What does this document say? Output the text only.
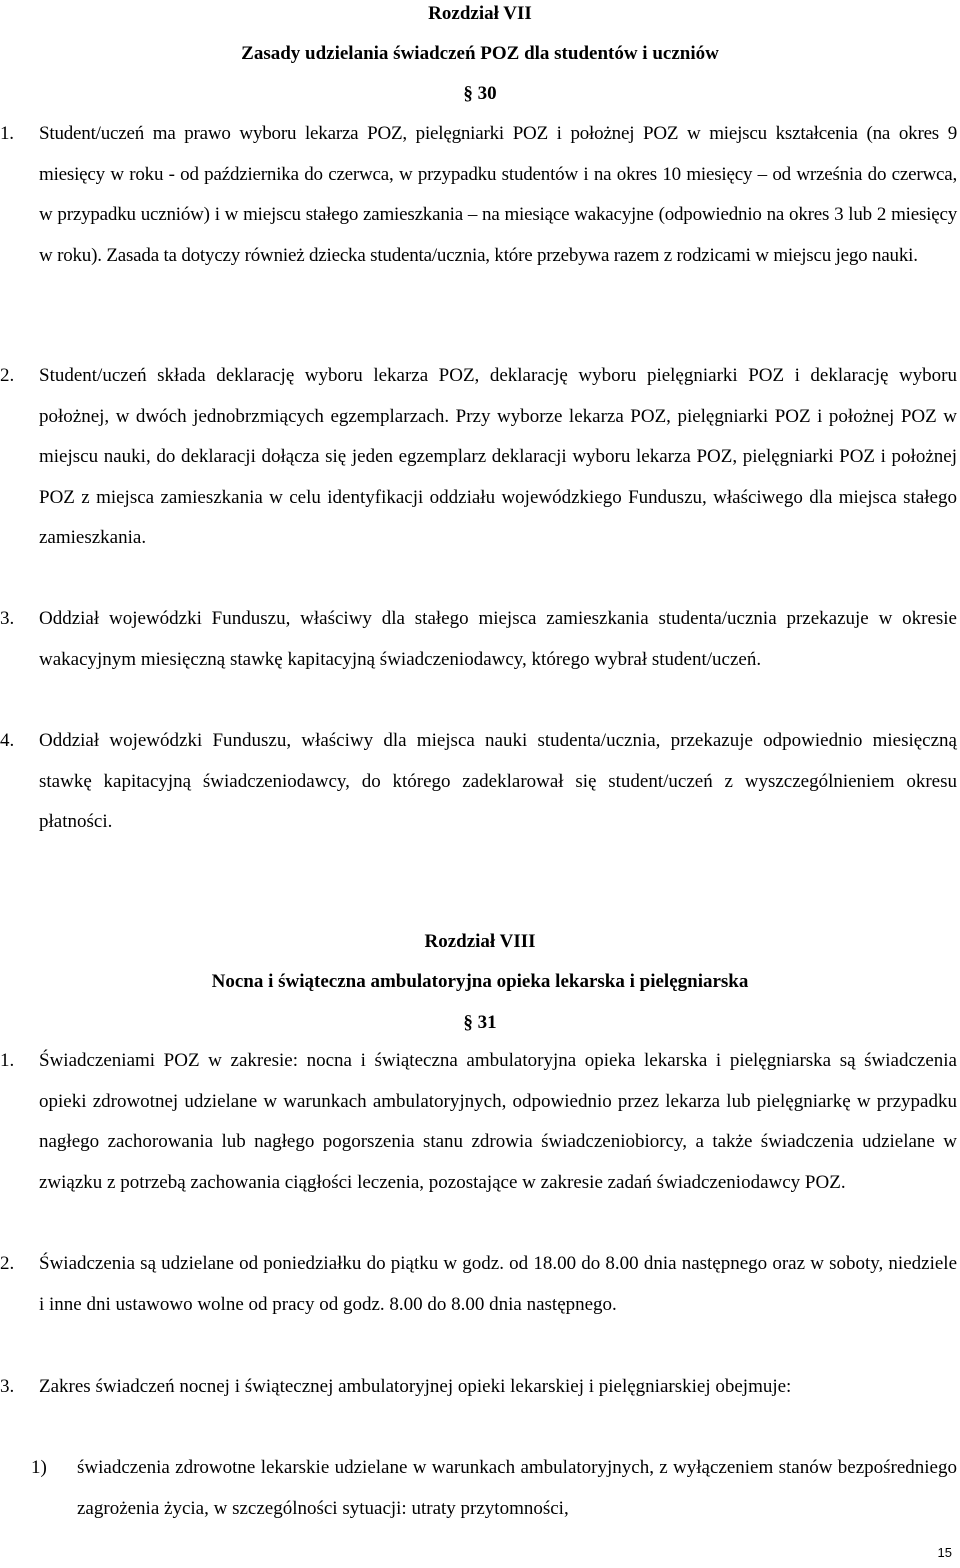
Rozdział VII
Zasady udzielania świadczeń POZ dla studentów i uczniów
§ 30
1. Student/uczeń ma prawo wyboru lekarza POZ, pielęgniarki POZ i położnej POZ w miejscu kształcenia (na okres 9 miesięcy w roku - od października do czerwca, w przypadku studentów i na okres 10 miesięcy – od września do czerwca, w przypadku uczniów) i w miejscu stałego zamieszkania – na miesiące wakacyjne (odpowiednio na okres 3 lub 2 miesięcy w roku). Zasada ta dotyczy również dziecka studenta/ucznia, które przebywa razem z rodzicami w miejscu jego nauki.
2. Student/uczeń składa deklarację wyboru lekarza POZ, deklarację wyboru pielęgniarki POZ i deklarację wyboru położnej, w dwóch jednobrzmiących egzemplarzach. Przy wyborze lekarza POZ, pielęgniarki POZ i położnej POZ w miejscu nauki, do deklaracji dołącza się jeden egzemplarz deklaracji wyboru lekarza POZ, pielęgniarki POZ i położnej POZ z miejsca zamieszkania w celu identyfikacji oddziału wojewódzkiego Funduszu, właściwego dla miejsca stałego zamieszkania.
3. Oddział wojewódzki Funduszu, właściwy dla stałego miejsca zamieszkania studenta/ucznia przekazuje w okresie wakacyjnym miesięczną stawkę kapitacyjną świadczeniodawcy, którego wybrał student/uczeń.
4. Oddział wojewódzki Funduszu, właściwy dla miejsca nauki studenta/ucznia, przekazuje odpowiednio miesięczną stawkę kapitacyjną świadczeniodawcy, do którego zadeklarował się student/uczeń z wyszczególnieniem okresu płatności.
Rozdział VIII
Nocna i świąteczna ambulatoryjna opieka lekarska i pielęgniarska
§ 31
1. Świadczeniami POZ w zakresie: nocna i świąteczna ambulatoryjna opieka lekarska i pielęgniarska są świadczenia opieki zdrowotnej udzielane w warunkach ambulatoryjnych, odpowiednio przez lekarza lub pielęgniarkę w przypadku nagłego zachorowania lub nagłego pogorszenia stanu zdrowia świadczeniobiorcy, a także świadczenia udzielane w związku z potrzebą zachowania ciągłości leczenia, pozostające w zakresie zadań świadczeniodawcy POZ.
2. Świadczenia są udzielane od poniedziałku do piątku w godz. od 18.00 do 8.00 dnia następnego oraz w soboty, niedziele i inne dni ustawowo wolne od pracy od godz. 8.00 do 8.00 dnia następnego.
3. Zakres świadczeń nocnej i świątecznej ambulatoryjnej opieki lekarskiej i pielęgniarskiej obejmuje:
1) świadczenia zdrowotne lekarskie udzielane w warunkach ambulatoryjnych, z wyłączeniem stanów bezpośredniego zagrożenia życia, w szczególności sytuacji: utraty przytomności,
15
